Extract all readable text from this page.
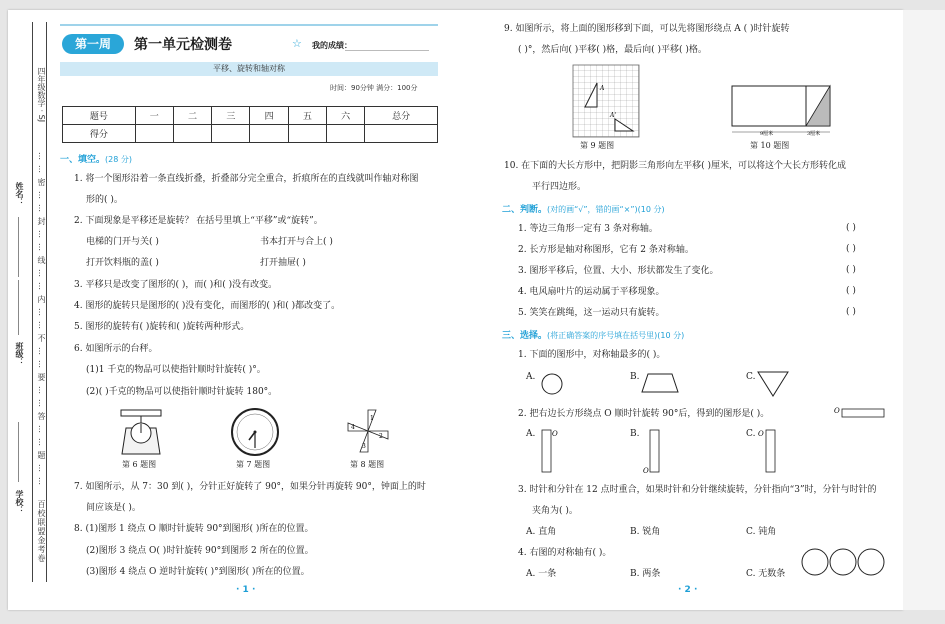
四年级数学 · SJ
……密……封……线……内……不……要……答……题……
百校联盟金考卷
姓名：
班级：
学校：
第一周	第一单元检测卷	☆ 我的成绩：
平移、旋转和轴对称
时间：90分钟 满分：100分
题号	一	二	三	四	五	六	总分
得分							
一、填空。(28 分)
1. 将一个图形沿着一条直线折叠，折叠部分完全重合，折痕所在的直线就叫作轴对称图
形的( )。
2. 下面现象是平移还是旋转？ 在括号里填上“平移”或“旋转”。
电梯的门开与关( )	书本打开与合上( )
打开饮料瓶的盖( )	打开抽屉( )
3. 平移只是改变了图形的( )，而( )和( )没有改变。
4. 图形的旋转只是图形的( )没有变化，而图形的( )和( )都改变了。
5. 图形的旋转有( )旋转和( )旋转两种形式。
6. 如图所示的台秤。
(1)1 千克的物品可以使指针顺时针旋转( )°。
(2)( )千克的物品可以使指针顺时针旋转 180°。
第 6 题图	第 7 题图
1
2
3
4
第 8 题图
7. 如图所示，从 7：30 到( )，分针正好旋转了 90°，如果分针再旋转 90°，钟面上的时
间应该是( )。
8. (1)图形 1 绕点 O 顺时针旋转 90°到图形( )所在的位置。
(2)图形 3 绕点 O( )时针旋转 90°到图形 2 所在的位置。
(3)图形 4 绕点 O 逆时针旋转( )°到图形( )所在的位置。
· 1 ·
9. 如图所示，将上面的图形移到下面，可以先将图形绕点 A ( )时针旋转
( )°，然后向( )平移( )格，最后向( )平移( )格。
A
A'
第 9 题图
9厘米	3厘米
第 10 题图
10. 在下面的大长方形中，把阴影三角形向左平移( )厘米，可以将这个大长方形转化成
平行四边形。
二、判断。(对的画“√”，错的画“×”)(10 分)
1. 等边三角形一定有 3 条对称轴。	( )
2. 长方形是轴对称图形，它有 2 条对称轴。	( )
3. 图形平移后，位置、大小、形状都发生了变化。	( )
4. 电风扇叶片的运动属于平移现象。	( )
5. 笑笑在跳绳，这一运动只有旋转。	( )
三、选择。(将正确答案的序号填在括号里)(10 分)
1. 下面的图形中，对称轴最多的( )。
A.	B.	C.
2. 把右边长方形绕点 O 顺时针旋转 90°后，得到的图形是( )。	O
A. O	B.
O
C. O
3. 时针和分针在 12 点时重合，如果时针和分针继续旋转，分针指向“3”时，分针与时针的
夹角为( )。
A. 直角	B. 锐角	C. 钝角
4. 右图的对称轴有( )。
A. 一条	B. 两条	C. 无数条
· 2 ·
